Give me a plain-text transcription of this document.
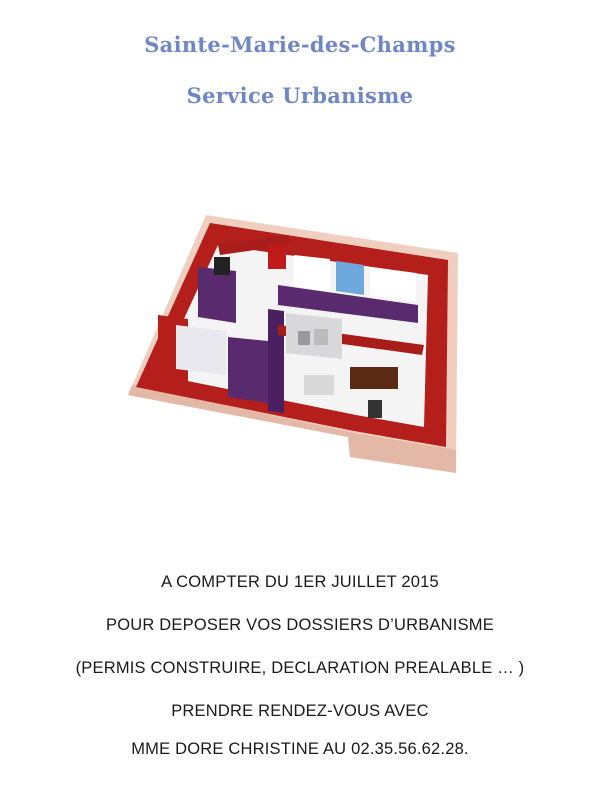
Sainte-Marie-des-Champs
Service Urbanisme
A COMPTER DU 1ER JUILLET 2015
POUR DEPOSER VOS DOSSIERS D’URBANISME
(PERMIS CONSTRUIRE, DECLARATION PREALABLE … )
PRENDRE RENDEZ-VOUS AVEC
MME DORE CHRISTINE AU 02.35.56.62.28.
